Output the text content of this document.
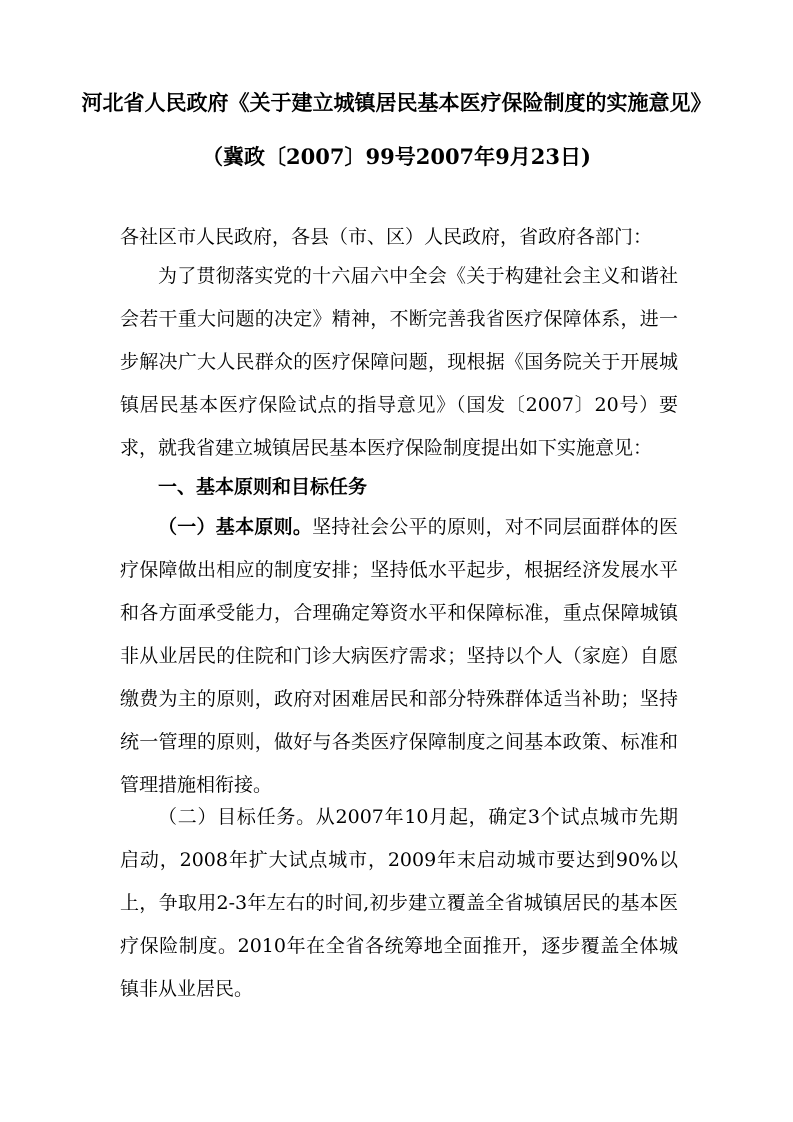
河北省人民政府《关于建立城镇居民基本医疗保险制度的实施意见》
（冀政〔2007〕99号2007年9月23日)
各社区市人民政府，各县（市、区）人民政府，省政府各部门：

为了贯彻落实党的十六届六中全会《关于构建社会主义和谐社会若干重大问题的决定》精神，不断完善我省医疗保障体系，进一步解决广大人民群众的医疗保障问题，现根据《国务院关于开展城镇居民基本医疗保险试点的指导意见》（国发〔2007〕20号）要求，就我省建立城镇居民基本医疗保险制度提出如下实施意见：

一、基本原则和目标任务

（一）基本原则。坚持社会公平的原则，对不同层面群体的医疗保障做出相应的制度安排；坚持低水平起步，根据经济发展水平和各方面承受能力，合理确定筹资水平和保障标准，重点保障城镇非从业居民的住院和门诊大病医疗需求；坚持以个人（家庭）自愿缴费为主的原则，政府对困难居民和部分特殊群体适当补助；坚持统一管理的原则，做好与各类医疗保障制度之间基本政策、标准和管理措施相衔接。

（二）目标任务。从2007年10月起，确定3个试点城市先期启动，2008年扩大试点城市，2009年末启动城市要达到90%以上，争取用2-3年左右的时间,初步建立覆盖全省城镇居民的基本医疗保险制度。2010年在全省各统筹地全面推开，逐步覆盖全体城镇非从业居民。
